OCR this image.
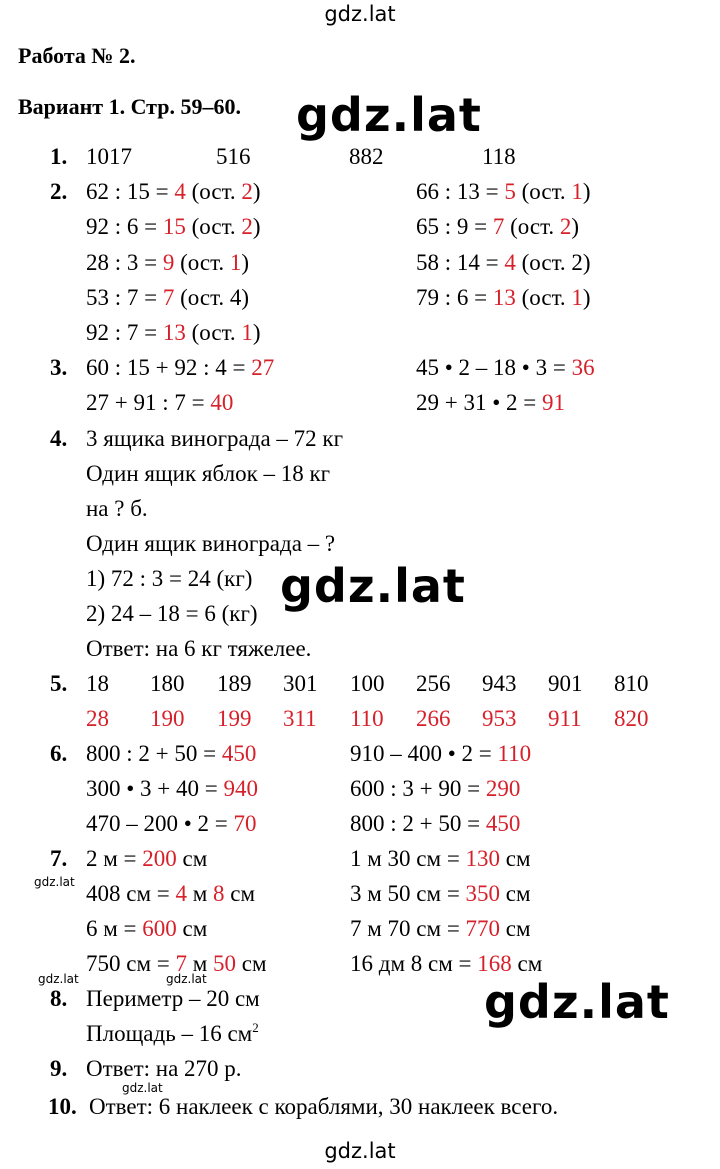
gdz.lat
gdz.lat
gdz.lat
gdz.lat
gdz.lat
gdz.lat	gdz.lat
gdz.lat
gdz.lat
Работа № 2.
Вариант 1. Стр. 59–60.
1. 1017	516	882	118
2. 62 : 15 = 4 (ост. 2)
92 : 6 = 15 (ост. 2)
28 : 3 = 9 (ост. 1)
53 : 7 = 7 (ост. 4)
92 : 7 = 13 (ост. 1)
66 : 13 = 5 (ост. 1)
65 : 9 = 7 (ост. 2)
58 : 14 = 4 (ост. 2)
79 : 6 = 13 (ост. 1)
3. 60 : 15 + 92 : 4 = 27
27 + 91 : 7 = 40
45 • 2 – 18 • 3 = 36
29 + 31 • 2 = 91
4. 3 ящика винограда – 72 кг
Один ящик яблок – 18 кг
на ? б.
Один ящик винограда – ?
1) 72 : 3 = 24 (кг)
2) 24 – 18 = 6 (кг)
Ответ: на 6 кг тяжелее.
5. 18 180 189 301 100 256 943 901 810
28 190 199 311 110 266 953 911 820
6. 800 : 2 + 50 = 450
300 • 3 + 40 = 940
470 – 200 • 2 = 70
910 – 400 • 2 = 110
600 : 3 + 90 = 290
800 : 2 + 50 = 450
7. 2 м = 200 см
408 см = 4 м 8 см
6 м = 600 см
750 см = 7 м 50 см
1 м 30 см = 130 см
3 м 50 см = 350 см
7 м 70 см = 770 см
16 дм 8 см = 168 см
8. Периметр – 20 см
Площадь – 16 $см^2$
9. Ответ: на 270 р.
10. Ответ: 6 наклеек с кораблями, 30 наклеек всего.
